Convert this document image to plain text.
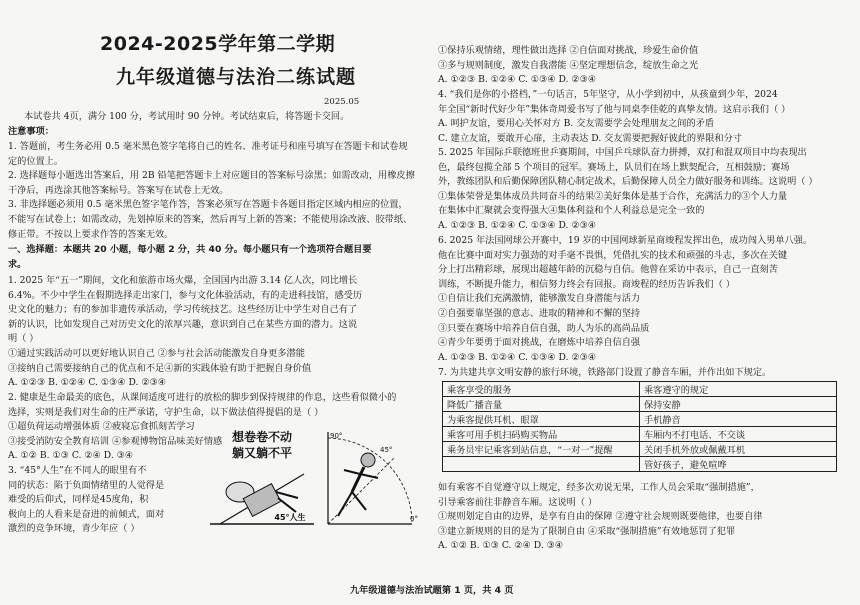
2024-2025学年第二学期
九年级道德与法治二练试题
2025.05
本试卷共 4页，满分 100 分，考试用时 90 分钟。考试结束后，将答题卡交回。
注意事项：
1. 答题前，考生务必用 0.5 毫米黑色签字笔将自己的姓名、准考证号和座号填写在答题卡和试卷规
定的位置上。
2. 选择题每小题选出答案后，用 2B 铅笔把答题卡上对应题目的答案标号涂黑；如需改动，用橡皮擦
干净后，再选涂其他答案标号。答案写在试卷上无效。
3. 非选择题必须用 0.5 毫米黑色签字笔作答，答案必须写在答题卡各题目指定区域内相应的位置，
不能写在试卷上；如需改动，先划掉原来的答案，然后再写上新的答案；不能使用涂改液、胶带纸、
修正带。不按以上要求作答的答案无效。
一、选择题：本题共 20 小题，每小题 2 分，共 40 分。每小题只有一个选项符合题目要
求。
1. 2025 年“五一”期间，文化和旅游市场火爆，全国国内出游 3.14 亿人次，同比增长
6.4%。不少中学生在假期选择走出家门，参与文化体验活动，有的走进科技馆，感受历
史文化的魅力；有的参加非遗传承活动，学习传统技艺。这些经历让中学生对自己有了
新的认识，比如发现自己对历史文化的浓厚兴趣，意识到自己在某些方面的潜力。这说
明（ ）
①通过实践活动可以更好地认识自己 ②参与社会活动能激发自身更多潜能
③接纳自己需要接纳自己的优点和不足④新的实践体验有助于把握自身价值
A. ①②③ B. ①②④ C. ①③④ D. ②③④
2. 健康是生命最美的底色，从课间适度可进行的放松的脚步到保持规律的作息，这些看似微小的
选择，实则是我们对生命的庄严承诺，守护生命，以下做法值得提倡的是（ ）
①超负荷运动增强体质 ②疲寝忘食抓刻苦学习
③接受消防安全教育培训 ④参观博物馆品味美好情感
A. ①② B. ①③ C. ②④ D. ③④
3. “45°人生”在不同人的眼里有不
同的状态：陷于负面情绪里的人觉得是
难受的后仰式，同样是45度角，积
极向上的人看来是奋进的前倾式，面对
激烈的竞争环境，青少年应（ ）
想卷卷不动
躺又躺不平
45°人生
90°
45°
0°
①保持乐观情绪，理性做出选择 ②自信面对挑战，珍爱生命价值
③多与规则制度，激发自我潜能 ④坚定理想信念，绽放生命之光
A. ①②③ B. ①②④ C. ①③④ D. ②③④
4. “我们是你的小搭档，”一句话言，5年坚守，从小学到初中，从孩童到少年，2024
年全国“新时代好少年”集体奇周爱书写了他与同桌李佳乾的真挚友情。这启示我们（ ）
A. 呵护友谊，要用心关怀对方 B. 交友需要学会处理朋友之间的矛盾
C. 建立友谊，要敢开心扉，主动表达 D. 交友需要把握好彼此的界限和分寸
5. 2025 年国际乒联德班世乒赛期间，中国乒乓球队奋力拼搏，双打和混双项目中均表现出
色，最终包揽全部 5 个项目的冠军。赛场上，队员们在场上默契配合，互相鼓励；赛场
外，教练团队和后勤保障团队精心制定战术，后勤保障人员全力做好服务和训练。这说明（ ）
①集体荣誉是集体成员共同奋斗的结果②美好集体是基于合作，充满活力的③个人力量
在集体中汇聚就会变得强大④集体利益和个人利益总是完全一致的
A. ①②③ B. ①②④ C. ①③④ D. ②③④
6. 2025 年法国网球公开赛中，19 岁的中国网球新星商竣程发挥出色，成功闯入男单八强。
他在比赛中面对实力强劲的对手毫不畏惧，凭借扎实的技术和顽强的斗志，多次在关键
分上打出精彩球，展现出超越年龄的沉稳与自信。他曾在采访中表示，自己一直刻苦
训练，不断提升能力，相信努力终会有回报。商竣程的经历告诉我们（ ）
①自信让我们充满激情，能够激发自身潜能与活力
②自强要靠坚强的意志、进取的精神和不懈的坚持
③只要在赛场中培养自信自强，助人为乐的高尚品质
④青少年要勇于面对挑战，在磨炼中培养自信自强
A. ①②③ B. ①②④ C. ①③④ D. ②③④
7. 为共建共享文明安静的旅行环境，铁路部门设置了静音车厢，并作出如下规定。
乘客享受的服务	乘客遵守的规定
降低广播音量	保持安静
为乘客提供耳机、眼罩	手机静音
乘客可用手机扫码购买物品	车厢内不打电话、不交谈
乘务员牢记乘客到站信息，“一对一”提醒	关闭手机外放或佩戴耳机
	管好孩子，避免喧哗
如有乘客不自觉遵守以上规定，经多次劝说无果，工作人员会采取“强制措施”，
引导乘客前往非静音车厢。这说明（ ）
①规则划定自由的边界，是享有自由的保障 ②遵守社会规则既要他律，也要自律
③建立新规则的目的是为了限制自由 ④采取“强制措施”有效地惩罚了犯罪
A. ①② B. ①③ C. ②④ D. ③④
九年级道德与法治试题第 1 页，共 4 页
